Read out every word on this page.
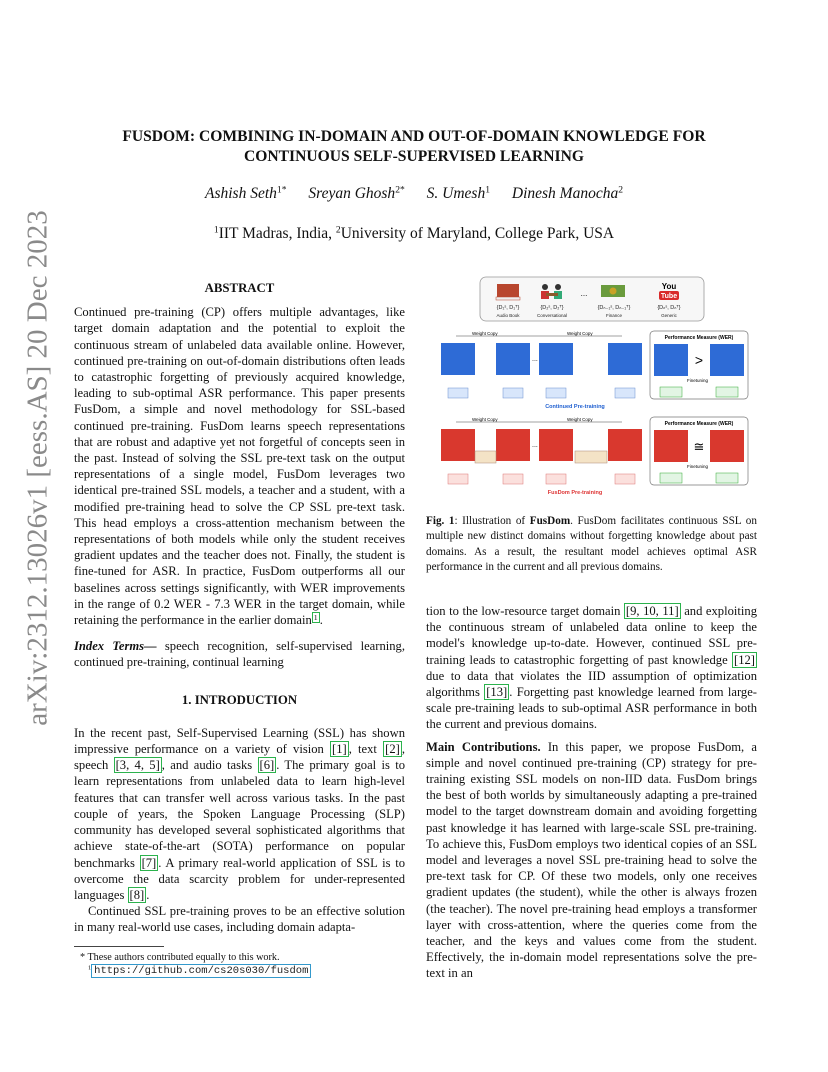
arXiv:2312.13026v1 [eess.AS] 20 Dec 2023
FUSDOM: COMBINING IN-DOMAIN AND OUT-OF-DOMAIN KNOWLEDGE FOR CONTINUOUS SELF-SUPERVISED LEARNING
Ashish Seth$^{1*}$ Sreyan Ghosh$^{2*}$ S. Umesh$^1$ Dinesh Manocha$^2$
$^1$IIT Madras, India, $^2$University of Maryland, College Park, USA
ABSTRACT

Continued pre-training (CP) offers multiple advantages, like target domain adaptation and the potential to exploit the continuous stream of unlabeled data available online. However, continued pre-training on out-of-domain distributions often leads to catastrophic forgetting of previously acquired knowledge, leading to sub-optimal ASR performance. This paper presents FusDom, a simple and novel methodology for SSL-based continued pre-training. FusDom learns speech representations that are robust and adaptive yet not forgetful of concepts seen in the past. Instead of solving the SSL pre-text task on the output representations of a single model, FusDom leverages two identical pre-trained SSL models, a teacher and a student, with a modified pre-training head to solve the CP SSL pre-text task. This head employs a cross-attention mechanism between the representations of both models while only the student receives gradient updates and the teacher does not. Finally, the student is fine-tuned for ASR. In practice, FusDom outperforms all our baselines across settings significantly, with WER improvements in the range of 0.2 WER - 7.3 WER in the target domain, while retaining the performance in the earlier domain $^1$ .

Index Terms— speech recognition, self-supervised learning, continued pre-training, continual learning

1. INTRODUCTION

In the recent past, Self-Supervised Learning (SSL) has shown impressive performance on a variety of vision [1] , text [2] , speech [3, 4, 5] , and audio tasks [6] . The primary goal is to learn representations from unlabeled data to learn high-level features that can transfer well across various tasks. In the past couple of years, the Spoken Language Processing (SLP) community has developed several sophisticated algorithms that achieve state-of-the-art (SOTA) performance on popular benchmarks [7] . A primary real-world application of SSL is to overcome the data scarcity problem for under-represented languages [8] .

Continued SSL pre-training proves to be an effective solution in many real-world use cases, including domain adapta-

* These authors contributed equally to this work.
$^1$ https://github.com/cs20s030/fusdom
...
You
Tube
{D₁ˢ, D₁ᵀ}	{D₂ˢ, D₂ᵀ}	{Dₙ₋₁ˢ, Dₙ₋₁ᵀ}	{Dₙˢ, Dₙᵀ}
Audio Book	Conversational	Finance	Generic
Weight Copy	Weight Copy
...
Continued Pre-training
Performance Measure (WER)
>
Finetuning
Weight Copy	Weight Copy
...
FusDom Pre-training
Performance Measure (WER)
≅
Finetuning
Fig. 1: Illustration of FusDom. FusDom facilitates continuous SSL on multiple new distinct domains without forgetting knowledge about past domains. As a result, the resultant model achieves optimal ASR performance in the current and all previous domains.

tion to the low-resource target domain [9, 10, 11] and exploiting the continuous stream of unlabeled data online to keep the model's knowledge up-to-date. However, continued SSL pre-training leads to catastrophic forgetting of past knowledge [12] due to data that violates the IID assumption of optimization algorithms [13] . Forgetting past knowledge learned from large-scale pre-training leads to sub-optimal ASR performance in both the current and previous domains.

Main Contributions. In this paper, we propose FusDom, a simple and novel continued pre-training (CP) strategy for pre-training existing SSL models on non-IID data. FusDom brings the best of both worlds by simultaneously adapting a pre-trained model to the target downstream domain and avoiding forgetting past knowledge it has learned with large-scale SSL pre-training. To achieve this, FusDom employs two identical copies of an SSL model and leverages a novel SSL pre-training head to solve the pre-text task for CP. Of these two models, only one receives gradient updates (the student), while the other is always frozen (the teacher). The novel pre-training head employs a transformer layer with cross-attention, where the queries come from the teacher, and the keys and values come from the student. Effectively, the in-domain model representations solve the pre-text in an
